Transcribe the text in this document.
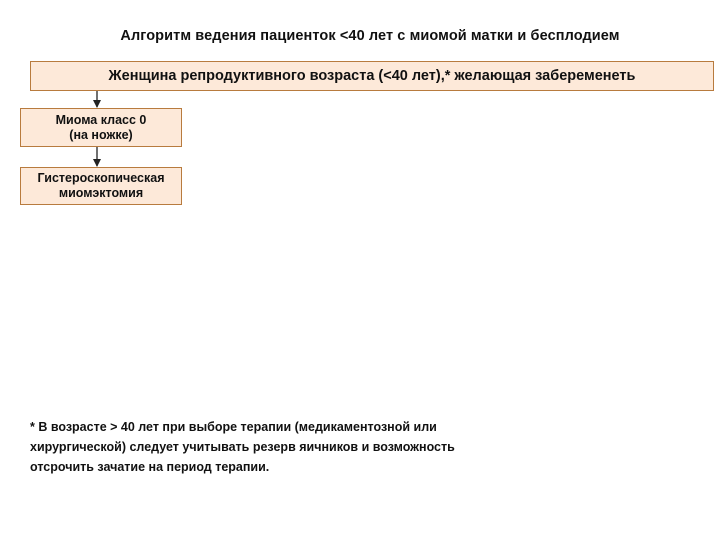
Алгоритм ведения пациенток <40 лет с миомой матки и бесплодием
Женщина репродуктивного возраста (<40 лет),* желающая забеременеть
Миома класс 0
(на ножке)
Гистероскопическая
миомэктомия
* В возрасте > 40 лет при выборе терапии (медикаментозной или
хирургической) следует учитывать резерв яичников и возможность
отсрочить зачатие на период терапии.
